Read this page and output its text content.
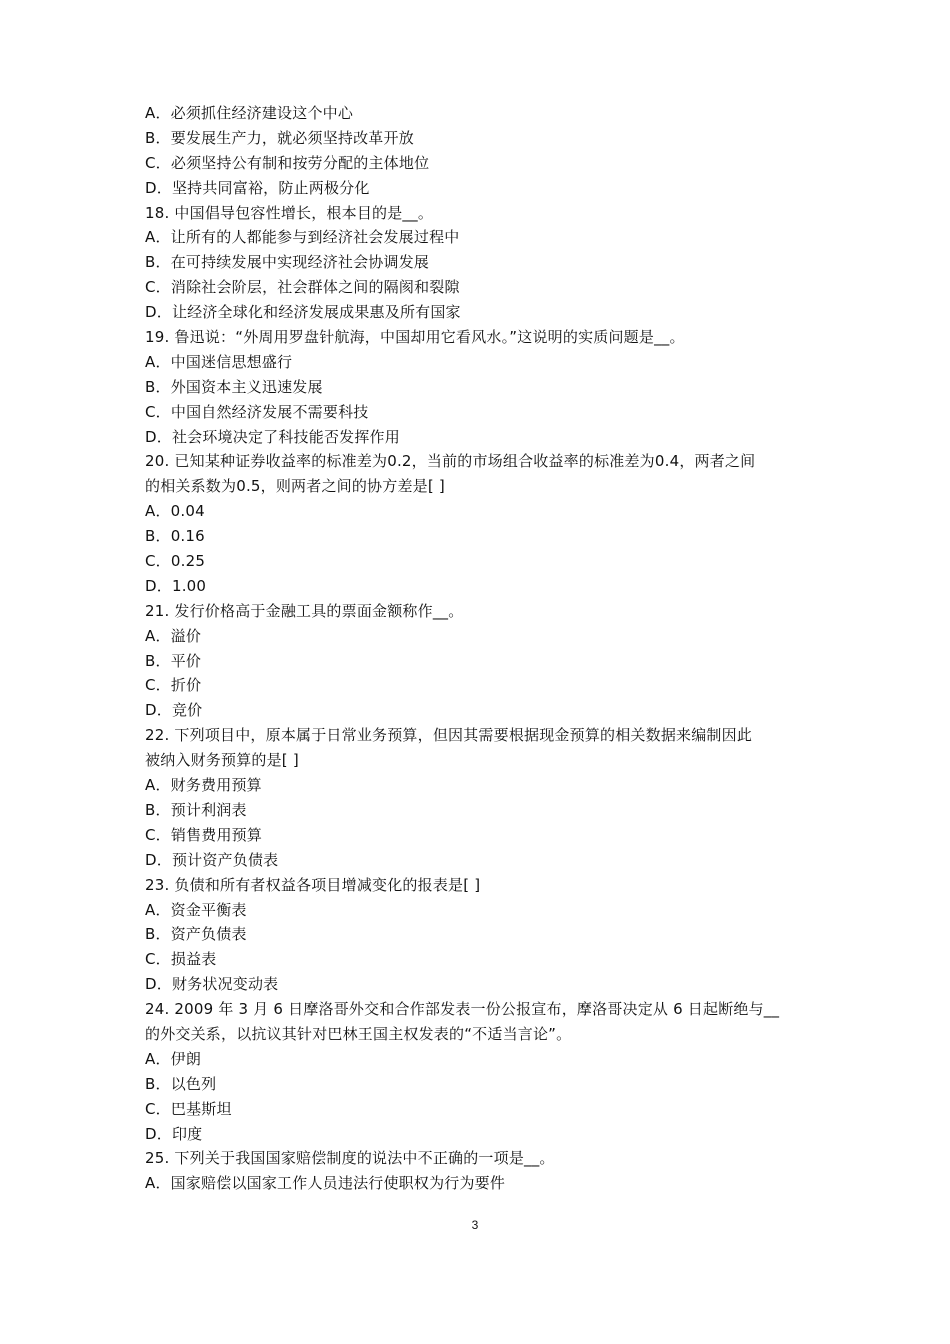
A．必须抓住经济建设这个中心
B．要发展生产力，就必须坚持改革开放
C．必须坚持公有制和按劳分配的主体地位
D．坚持共同富裕，防止两极分化
18. 中国倡导包容性增长，根本目的是__。
A．让所有的人都能参与到经济社会发展过程中
B．在可持续发展中实现经济社会协调发展
C．消除社会阶层，社会群体之间的隔阂和裂隙
D．让经济全球化和经济发展成果惠及所有国家
19. 鲁迅说：“外周用罗盘针航海，中国却用它看风水。”这说明的实质问题是__。
A．中国迷信思想盛行
B．外国资本主义迅速发展
C．中国自然经济发展不需要科技
D．社会环境决定了科技能否发挥作用
20. 已知某种证券收益率的标准差为0.2，当前的市场组合收益率的标准差为0.4，两者之间
的相关系数为0.5，则两者之间的协方差是[ ]
A．0.04
B．0.16
C．0.25
D．1.00
21. 发行价格高于金融工具的票面金额称作__。
A．溢价
B．平价
C．折价
D．竞价
22. 下列项目中，原本属于日常业务预算，但因其需要根据现金预算的相关数据来编制因此
被纳入财务预算的是[ ]
A．财务费用预算
B．预计利润表
C．销售费用预算
D．预计资产负债表
23. 负债和所有者权益各项目增减变化的报表是[ ]
A．资金平衡表
B．资产负债表
C．损益表
D．财务状况变动表
24. 2009 年 3 月 6 日摩洛哥外交和合作部发表一份公报宣布，摩洛哥决定从 6 日起断绝与__
的外交关系，以抗议其针对巴林王国主权发表的“不适当言论”。
A．伊朗
B．以色列
C．巴基斯坦
D．印度
25. 下列关于我国国家赔偿制度的说法中不正确的一项是__。
A．国家赔偿以国家工作人员违法行使职权为行为要件
3
